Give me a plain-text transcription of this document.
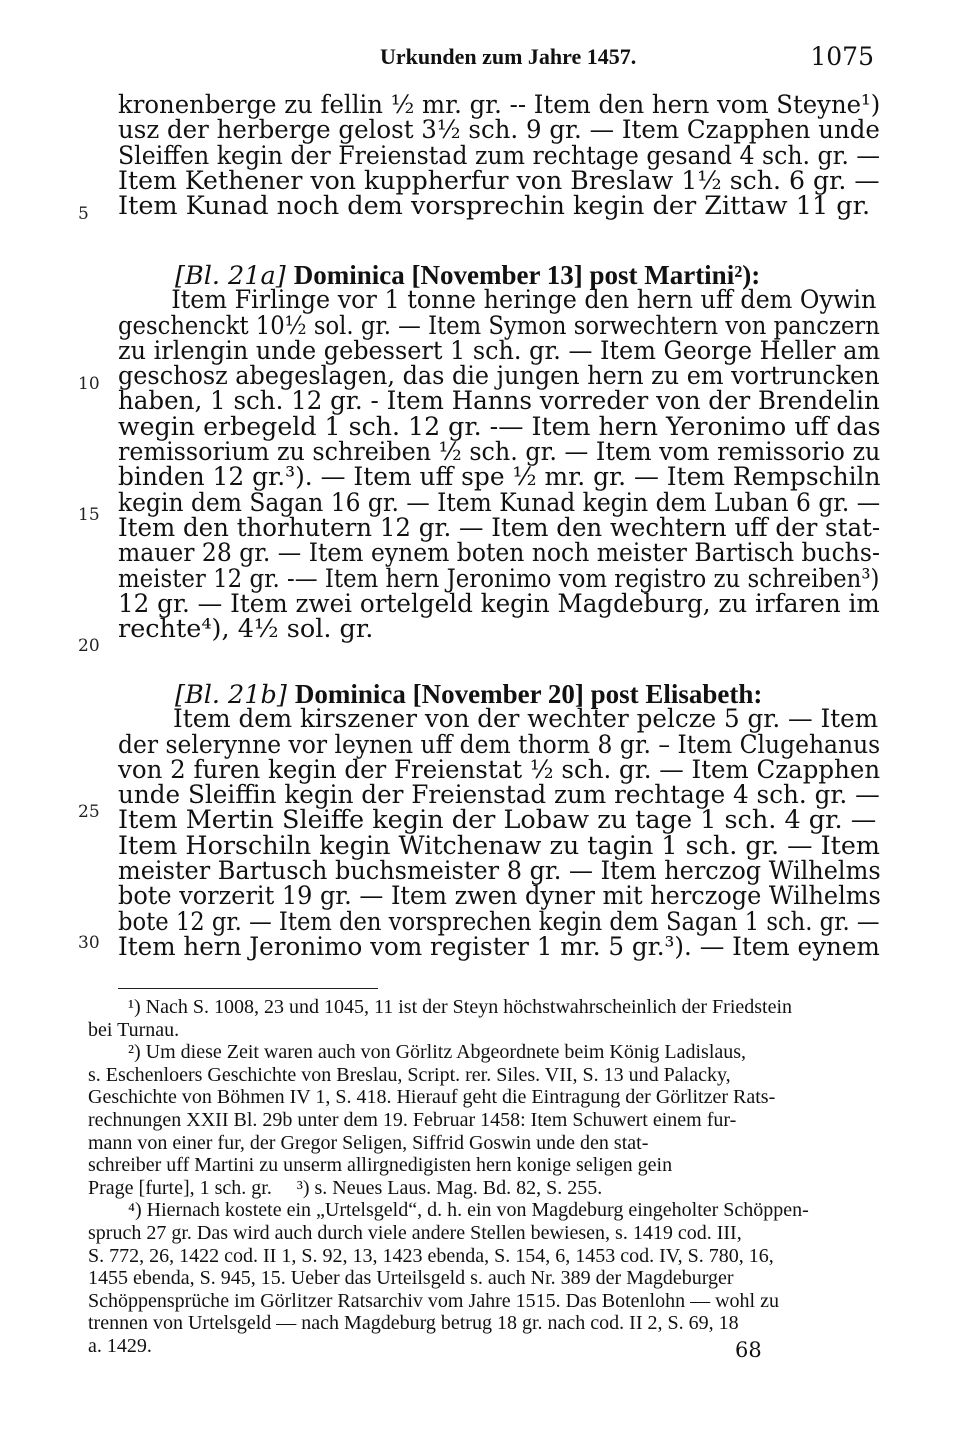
Urkunden zum Jahre 1457.	1075
5
10
15
20
25
30
kronenberge zu fellin ½ mr. gr. -- Item den hern vom Steyne¹)
usz der herberge gelost 3½ sch. 9 gr. — Item Czapphen unde
Sleiffen kegin der Freienstad zum rechtage gesand 4 sch. gr. —
Item Kethener von kuppherfur von Breslaw 1½ sch. 6 gr. —
Item Kunad noch dem vorsprechin kegin der Zittaw 11 gr.
[Bl. 21a] Dominica [November 13] post Martini²):
Item Firlinge vor 1 tonne heringe den hern uff dem Oywin
geschenckt 10½ sol. gr. — Item Symon sorwechtern von panczern
zu irlengin unde gebessert 1 sch. gr. — Item George Heller am
geschosz abegeslagen, das die jungen hern zu em vortruncken
haben, 1 sch. 12 gr. - Item Hanns vorreder von der Brendelin
wegin erbegeld 1 sch. 12 gr. -— Item hern Yeronimo uff das
remissorium zu schreiben ½ sch. gr. — Item vom remissorio zu
binden 12 gr.³). — Item uff spe ½ mr. gr. — Item Rempschiln
kegin dem Sagan 16 gr. — Item Kunad kegin dem Luban 6 gr. —
Item den thorhutern 12 gr. — Item den wechtern uff der stat-
mauer 28 gr. — Item eynem boten noch meister Bartisch buchs-
meister 12 gr. -— Item hern Jeronimo vom registro zu schreiben³)
12 gr. — Item zwei ortelgeld kegin Magdeburg, zu irfaren im
rechte⁴), 4½ sol. gr.
[Bl. 21b] Dominica [November 20] post Elisabeth:
Item dem kirszener von der wechter pelcze 5 gr. — Item
der selerynne vor leynen uff dem thorm 8 gr. – Item Clugehanus
von 2 furen kegin der Freienstat ½ sch. gr. — Item Czapphen
unde Sleiffin kegin der Freienstad zum rechtage 4 sch. gr. —
Item Mertin Sleiffe kegin der Lobaw zu tage 1 sch. 4 gr. —
Item Horschiln kegin Witchenaw zu tagin 1 sch. gr. — Item
meister Bartusch buchsmeister 8 gr. — Item herczog Wilhelms
bote vorzerit 19 gr. — Item zwen dyner mit herczoge Wilhelms
bote 12 gr. — Item den vorsprechen kegin dem Sagan 1 sch. gr. —
Item hern Jeronimo vom register 1 mr. 5 gr.³). — Item eynem
¹) Nach S. 1008, 23 und 1045, 11 ist der Steyn höchstwahrscheinlich der Friedstein
bei Turnau.
²) Um diese Zeit waren auch von Görlitz Abgeordnete beim König Ladislaus,
s. Eschenloers Geschichte von Breslau, Script. rer. Siles. VII, S. 13 und Palacky,
Geschichte von Böhmen IV 1, S. 418. Hierauf geht die Eintragung der Görlitzer Rats-
rechnungen XXII Bl. 29b unter dem 19. Februar 1458: Item Schuwert einem fur-
mann von einer fur, der Gregor Seligen, Siffrid Goswin unde den stat-
schreiber uff Martini zu unserm allirgnedigisten hern konige seligen gein
Prage [furte], 1 sch. gr.     ³) s. Neues Laus. Mag. Bd. 82, S. 255.
⁴) Hiernach kostete ein „Urtelsgeld“, d. h. ein von Magdeburg eingeholter Schöppen-
spruch 27 gr. Das wird auch durch viele andere Stellen bewiesen, s. 1419 cod. III,
S. 772, 26, 1422 cod. II 1, S. 92, 13, 1423 ebenda, S. 154, 6, 1453 cod. IV, S. 780, 16,
1455 ebenda, S. 945, 15. Ueber das Urteilsgeld s. auch Nr. 389 der Magdeburger
Schöppensprüche im Görlitzer Ratsarchiv vom Jahre 1515. Das Botenlohn — wohl zu
trennen von Urtelsgeld — nach Magdeburg betrug 18 gr. nach cod. II 2, S. 69, 18
a. 1429.	68
